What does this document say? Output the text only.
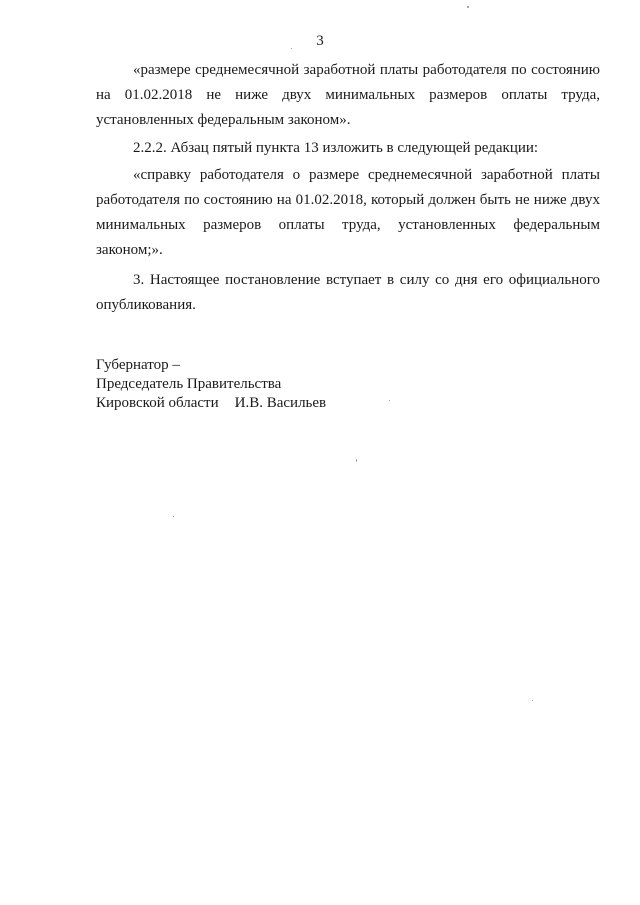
3

«размере среднемесячной заработной платы работодателя по состоянию на 01.02.2018 не ниже двух минимальных размеров оплаты труда, установленных федеральным законом».

2.2.2. Абзац пятый пункта 13 изложить в следующей редакции:

«справку работодателя о размере среднемесячной заработной платы работодателя по состоянию на 01.02.2018, который должен быть не ниже двух минимальных размеров оплаты труда, установленных федеральным законом;».

3. Настоящее постановление вступает в силу со дня его официального опубликования.

Губернатор –
Председатель Правительства
Кировской области И.В. Васильев
